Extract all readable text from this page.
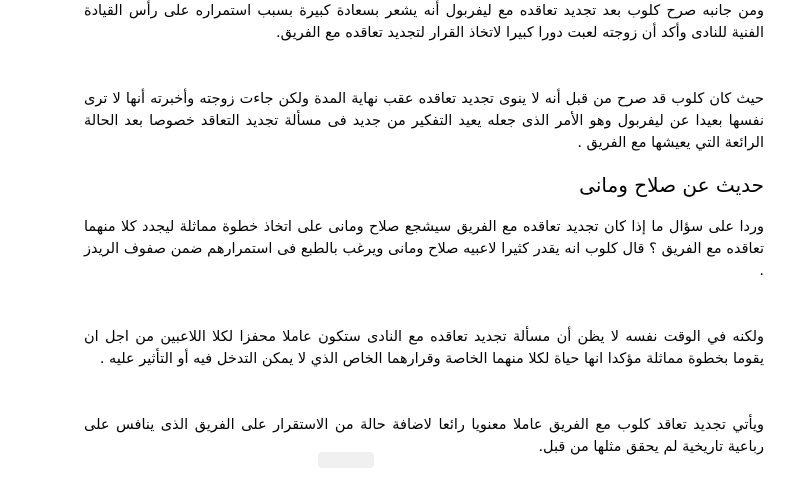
ومن جانبه صرح كلوب بعد تجديد تعاقده مع ليفربول أنه يشعر بسعادة كبيرة بسبب استمراره على رأس القيادة الفنية للنادى وأكد أن زوجته لعبت دورا كبيرا لاتخاذ القرار لتجديد تعاقده مع الفريق.

حيث كان كلوب قد صرح من قبل أنه لا ينوى تجديد تعاقده عقب نهاية المدة ولكن جاءت زوجته وأخبرته أنها لا ترى نفسها بعيدا عن ليفربول وهو الأمر الذى جعله يعيد التفكير من جديد فى مسألة تجديد التعاقد خصوصا بعد الحالة الرائعة التي يعيشها مع الفريق .

حديث عن صلاح ومانى

وردا على سؤال ما إذا كان تجديد تعاقده مع الفريق سيشجع صلاح ومانى على اتخاذ خطوة مماثلة ليجدد كلا منهما تعاقده مع الفريق ؟ قال كلوب انه يقدر كثيرا لاعبيه صلاح ومانى ويرغب بالطبع فى استمرارهم ضمن صفوف الريدز .

ولكنه في الوقت نفسه لا يظن أن مسألة تجديد تعاقده مع النادى ستكون عاملا محفزا لكلا اللاعبين من اجل ان يقوما بخطوة مماثلة مؤكدا انها حياة لكلا منهما الخاصة وقرارهما الخاص الذي لا يمكن التدخل فيه أو التأثير عليه .

ويأتي تجديد تعاقد كلوب مع الفريق عاملا معنويا رائعا لاضافة حالة من الاستقرار على الفريق الذى ينافس على رباعية تاريخية لم يحقق مثلها من قبل.
